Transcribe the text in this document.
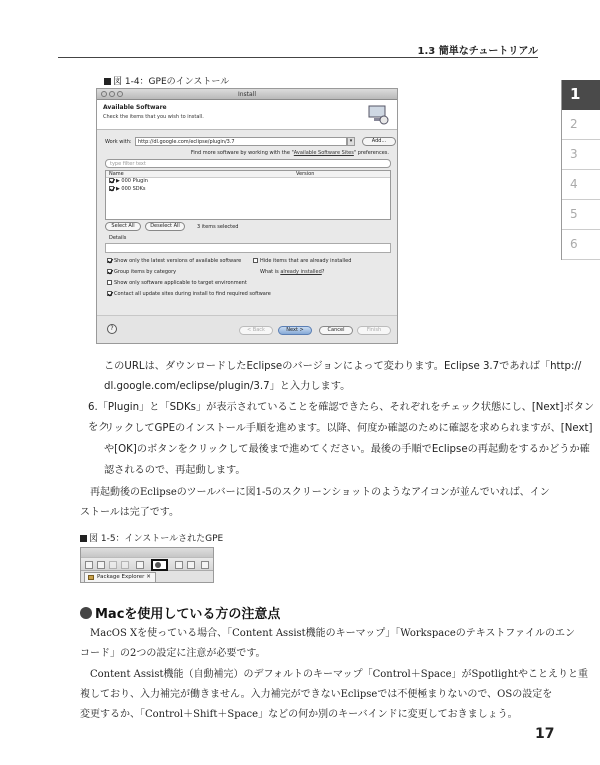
1.3 簡単なチュートリアル
1
2
3
4
5
6
図 1-4：GPEのインストール
Install
Available Software
Check the items that you wish to install.
Work with:	http://dl.google.com/eclipse/plugin/3.7	▾	Add...
Find more software by working with the "Available Software Sites" preferences.
type filter text
Name	Version
▶ 000 Plugin
▶ 000 SDKs
Select All	Deselect All	3 items selected
Details
Show only the latest versions of available software	Hide items that are already installed
Group items by category	What is already installed?
Show only software applicable to target environment
Contact all update sites during install to find required software
?	< Back	Next >	Cancel	Finish
このURLは、ダウンロードしたEclipseのバージョンによって変わります。Eclipse 3.7であれば「http://
dl.google.com/eclipse/plugin/3.7」と入力します。
6.「Plugin」と「SDKs」が表示されていることを確認できたら、それぞれをチェック状態にし、[Next]ボタンをク
リックしてGPEのインストール手順を進めます。以降、何度か確認のために確認を求められますが、[Next]
や[OK]のボタンをクリックして最後まで進めてください。最後の手順でEclipseの再起動をするかどうか確
認されるので、再起動します。
再起動後のEclipseのツールバーに図1-5のスクリーンショットのようなアイコンが並んでいれば、イン
ストールは完了です。
図 1-5：インストールされたGPE
Package Explorer ✕
Macを使用している方の注意点
MacOS Xを使っている場合、「Content Assist機能のキーマップ」「Workspaceのテキストファイルのエン
コード」の2つの設定に注意が必要です。
Content Assist機能（自動補完）のデフォルトのキーマップ「Control＋Space」がSpotlightやことえりと重
複しており、入力補完が働きません。入力補完ができないEclipseでは不便極まりないので、OSの設定を
変更するか、「Control＋Shift＋Space」などの何か別のキーバインドに変更しておきましょう。
17
